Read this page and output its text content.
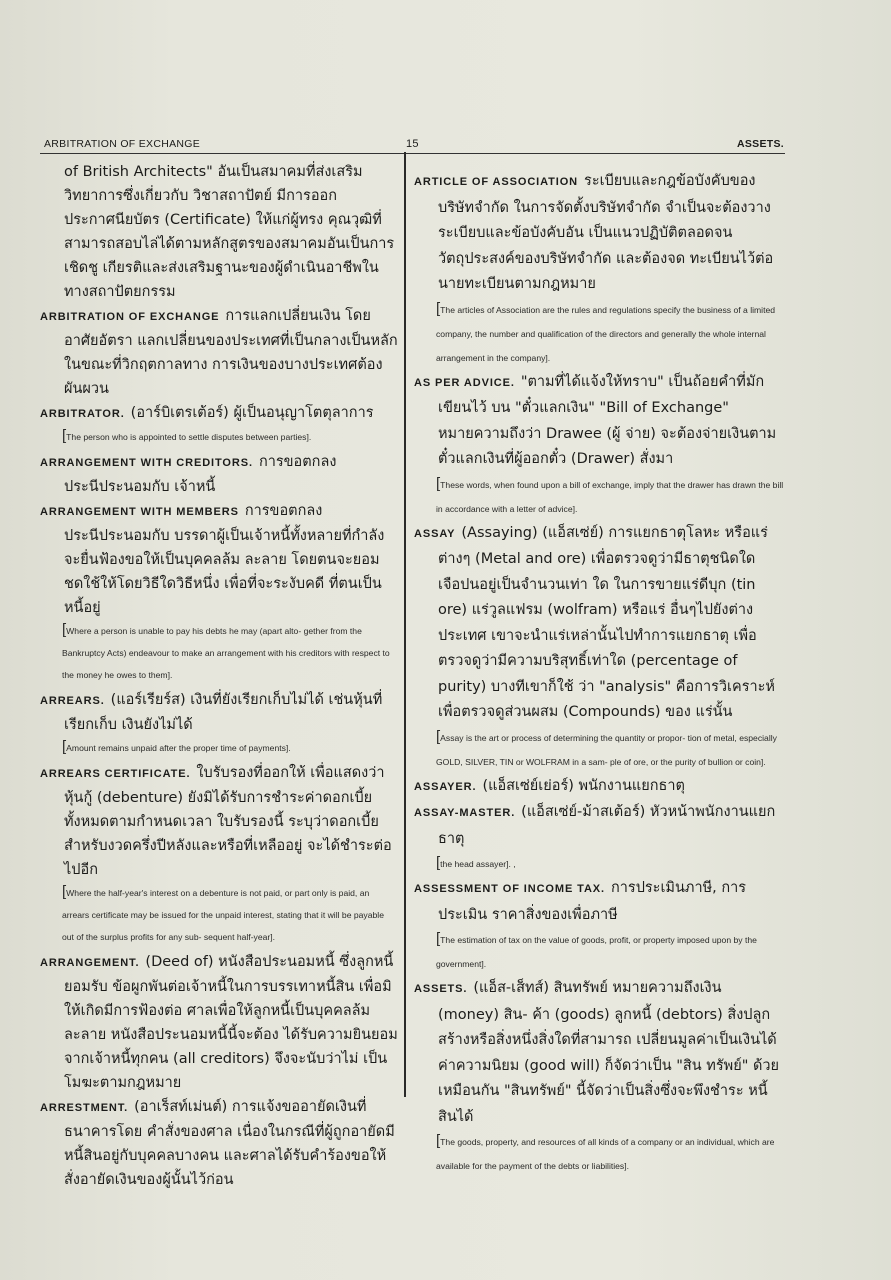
ARBITRATION OF EXCHANGE	15	ASSETS.
of British Architects" อันเป็นสมาคมที่ส่งเสริมวิทยาการซึ่งเกี่ยวกับ วิชาสถาปัตย์ มีการออกประกาศนียบัตร (Certificate) ให้แก่ผู้ทรง คุณวุฒิที่สามารถสอบไล่ได้ตามหลักสูตรของสมาคมอันเป็นการเชิดชู เกียรติและส่งเสริมฐานะของผู้ดำเนินอาชีพในทางสถาปัตยกรรม
ARBITRATION OF EXCHANGE การแลกเปลี่ยนเงิน โดยอาศัยอัตรา แลกเปลี่ยนของประเทศที่เป็นกลางเป็นหลักในขณะที่วิกฤตกาลทาง การเงินของบางประเทศต้องผันผวน
ARBITRATOR. (อาร์บิเตรเต้อร์) ผู้เป็นอนุญาโตตุลาการ
[The person who is appointed to settle disputes between parties].
ARRANGEMENT WITH CREDITORS. การขอตกลงประนีประนอมกับ เจ้าหนี้
ARRANGEMENT WITH MEMBERS การขอตกลงประนีประนอมกับ บรรดาผู้เป็นเจ้าหนี้ทั้งหลายที่กำลังจะยื่นฟ้องขอให้เป็นบุคคลล้ม ละลาย โดยตนจะยอมชดใช้ให้โดยวิธีใดวิธีหนึ่ง เพื่อที่จะระงับคดี ที่ตนเป็นหนี้อยู่
[Where a person is unable to pay his debts he may (apart alto- gether from the Bankruptcy Acts) endeavour to make an arrangement with his creditors with respect to the money he owes to them].
ARREARS. (แอร์เรียร์ส) เงินที่ยังเรียกเก็บไม่ได้ เช่นหุ้นที่เรียกเก็บ เงินยังไม่ได้
[Amount remains unpaid after the proper time of payments].
ARREARS CERTIFICATE. ใบรับรองที่ออกให้ เพื่อแสดงว่าหุ้นกู้ (debenture) ยังมิได้รับการชำระค่าดอกเบี้ยทั้งหมดตามกำหนดเวลา ใบรับรองนี้ ระบุว่าดอกเบี้ยสำหรับงวดครึ่งปีหลังและหรือที่เหลืออยู่ จะได้ชำระต่อไปอีก
[Where the half-year's interest on a debenture is not paid, or part only is paid, an arrears certificate may be issued for the unpaid interest, stating that it will be payable out of the surplus profits for any sub- sequent half-year].
ARRANGEMENT. (Deed of) หนังสือประนอมหนี้ ซึ่งลูกหนี้ยอมรับ ข้อผูกพันต่อเจ้าหนี้ในการบรรเทาหนี้สิน เพื่อมิให้เกิดมีการฟ้องต่อ ศาลเพื่อให้ลูกหนี้เป็นบุคคลล้มละลาย หนังสือประนอมหนี้นี้จะต้อง ได้รับความยินยอมจากเจ้าหนี้ทุกคน (all creditors) จึงจะนับว่าไม่ เป็นโมฆะตามกฎหมาย
ARRESTMENT. (อาเร็สท์เม่นต์) การแจ้งขออายัดเงินที่ธนาคารโดย คำสั่งของศาล เนื่องในกรณีที่ผู้ถูกอายัดมีหนี้สินอยู่กับบุคคลบางคน และศาลได้รับคำร้องขอให้สั่งอายัดเงินของผู้นั้นไว้ก่อน
ARTICLE OF ASSOCIATION ระเบียบและกฎข้อบังคับของบริษัทจำกัด ในการจัดตั้งบริษัทจำกัด จำเป็นจะต้องวางระเบียบและข้อบังคับอัน เป็นแนวปฏิบัติตลอดจนวัตถุประสงค์ของบริษัทจำกัด และต้องจด ทะเบียนไว้ต่อนายทะเบียนตามกฎหมาย
[The articles of Association are the rules and regulations specify the business of a limited company, the number and qualification of the directors and generally the whole internal arrangement in the company].
AS PER ADVICE. "ตามที่ได้แจ้งให้ทราบ" เป็นถ้อยคำที่มักเขียนไว้ บน "ตั๋วแลกเงิน" "Bill of Exchange" หมายความถึงว่า Drawee (ผู้ จ่าย) จะต้องจ่ายเงินตามตั๋วแลกเงินที่ผู้ออกตั๋ว (Drawer) สั่งมา
[These words, when found upon a bill of exchange, imply that the drawer has drawn the bill in accordance with a letter of advice].
ASSAY (Assaying) (แอ็สเซ่ย์) การแยกธาตุโลหะ หรือแร่ต่างๆ (Metal and ore) เพื่อตรวจดูว่ามีธาตุชนิดใดเจือปนอยู่เป็นจำนวนเท่า ใด ในการขายแร่ดีบุก (tin ore) แร่วูลแฟรม (wolfram) หรือแร่ อื่นๆไปยังต่างประเทศ เขาจะนำแร่เหล่านั้นไปทำการแยกธาตุ เพื่อ ตรวจดูว่ามีความบริสุทธิ์เท่าใด (percentage of purity) บางทีเขาก็ใช้ ว่า "analysis" คือการวิเคราะห์เพื่อตรวจดูส่วนผสม (Compounds) ของ แร่นั้น
[Assay is the art or process of determining the quantity or propor- tion of metal, especially GOLD, SILVER, TIN or WOLFRAM in a sam- ple of ore, or the purity of bullion or coin].
ASSAYER. (แอ็สเซ่ย์เย่อร์) พนักงานแยกธาตุ
ASSAY-MASTER. (แอ็สเซ่ย์-ม้าสเต้อร์) หัวหน้าพนักงานแยกธาตุ
[the head assayer]. ,
ASSESSMENT OF INCOME TAX. การประเมินภาษี, การประเมิน ราคาสิ่งของเพื่อภาษี
[The estimation of tax on the value of goods, profit, or property imposed upon by the government].
ASSETS. (แอ็ส-เส็ทส์) สินทรัพย์ หมายความถึงเงิน (money) สิน- ค้า (goods) ลูกหนี้ (debtors) สิ่งปลูกสร้างหรือสิ่งหนึ่งสิ่งใดที่สามารถ เปลี่ยนมูลค่าเป็นเงินได้ ค่าความนิยม (good will) ก็จัดว่าเป็น "สิน ทรัพย์" ด้วยเหมือนกัน "สินทรัพย์" นี้จัดว่าเป็นสิ่งซึ่งจะพึงชำระ หนี้สินได้
[The goods, property, and resources of all kinds of a company or an individual, which are available for the payment of the debts or liabilities].
